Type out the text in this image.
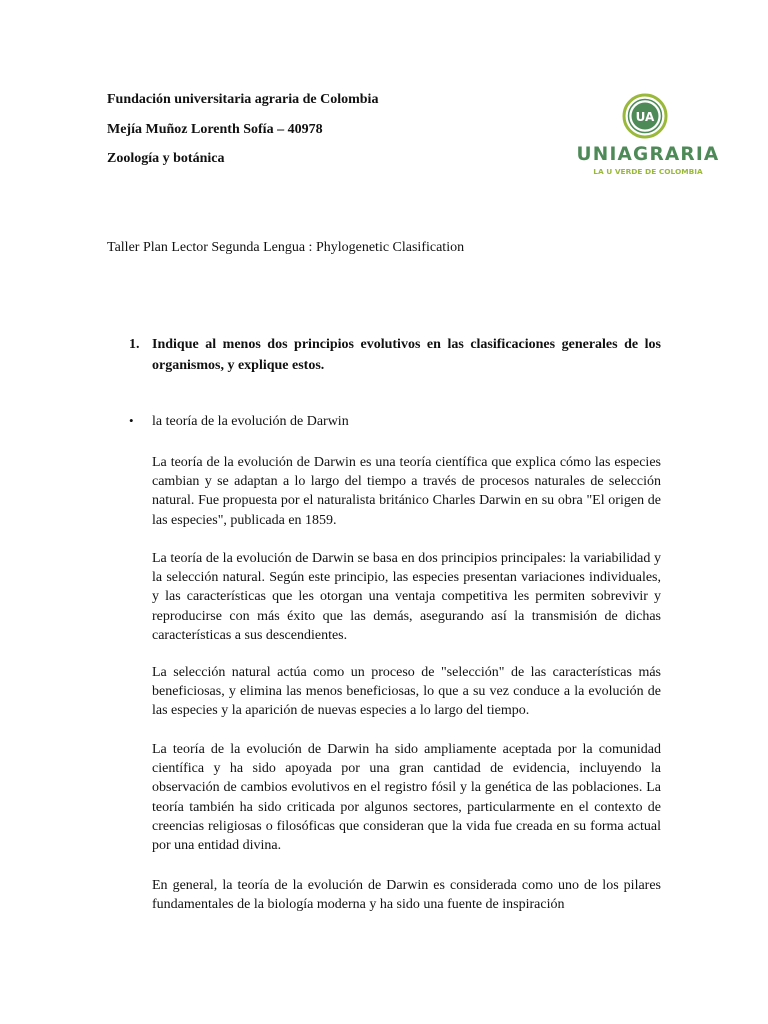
Fundación universitaria agraria de Colombia
Mejía Muñoz Lorenth Sofía – 40978
Zoología y botánica
UA
UNIAGRARIA
LA U VERDE DE COLOMBIA
Taller Plan Lector Segunda Lengua : Phylogenetic Clasification
1. Indique al menos dos principios evolutivos en las clasificaciones generales de los organismos, y explique estos.
• la teoría de la evolución de Darwin
La teoría de la evolución de Darwin es una teoría científica que explica cómo las especies cambian y se adaptan a lo largo del tiempo a través de procesos naturales de selección natural. Fue propuesta por el naturalista británico Charles Darwin en su obra "El origen de las especies", publicada en 1859.
La teoría de la evolución de Darwin se basa en dos principios principales: la variabilidad y la selección natural. Según este principio, las especies presentan variaciones individuales, y las características que les otorgan una ventaja competitiva les permiten sobrevivir y reproducirse con más éxito que las demás, asegurando así la transmisión de dichas características a sus descendientes.
La selección natural actúa como un proceso de "selección" de las características más beneficiosas, y elimina las menos beneficiosas, lo que a su vez conduce a la evolución de las especies y la aparición de nuevas especies a lo largo del tiempo.
La teoría de la evolución de Darwin ha sido ampliamente aceptada por la comunidad científica y ha sido apoyada por una gran cantidad de evidencia, incluyendo la observación de cambios evolutivos en el registro fósil y la genética de las poblaciones. La teoría también ha sido criticada por algunos sectores, particularmente en el contexto de creencias religiosas o filosóficas que consideran que la vida fue creada en su forma actual por una entidad divina.
En general, la teoría de la evolución de Darwin es considerada como uno de los pilares fundamentales de la biología moderna y ha sido una fuente de inspiración
